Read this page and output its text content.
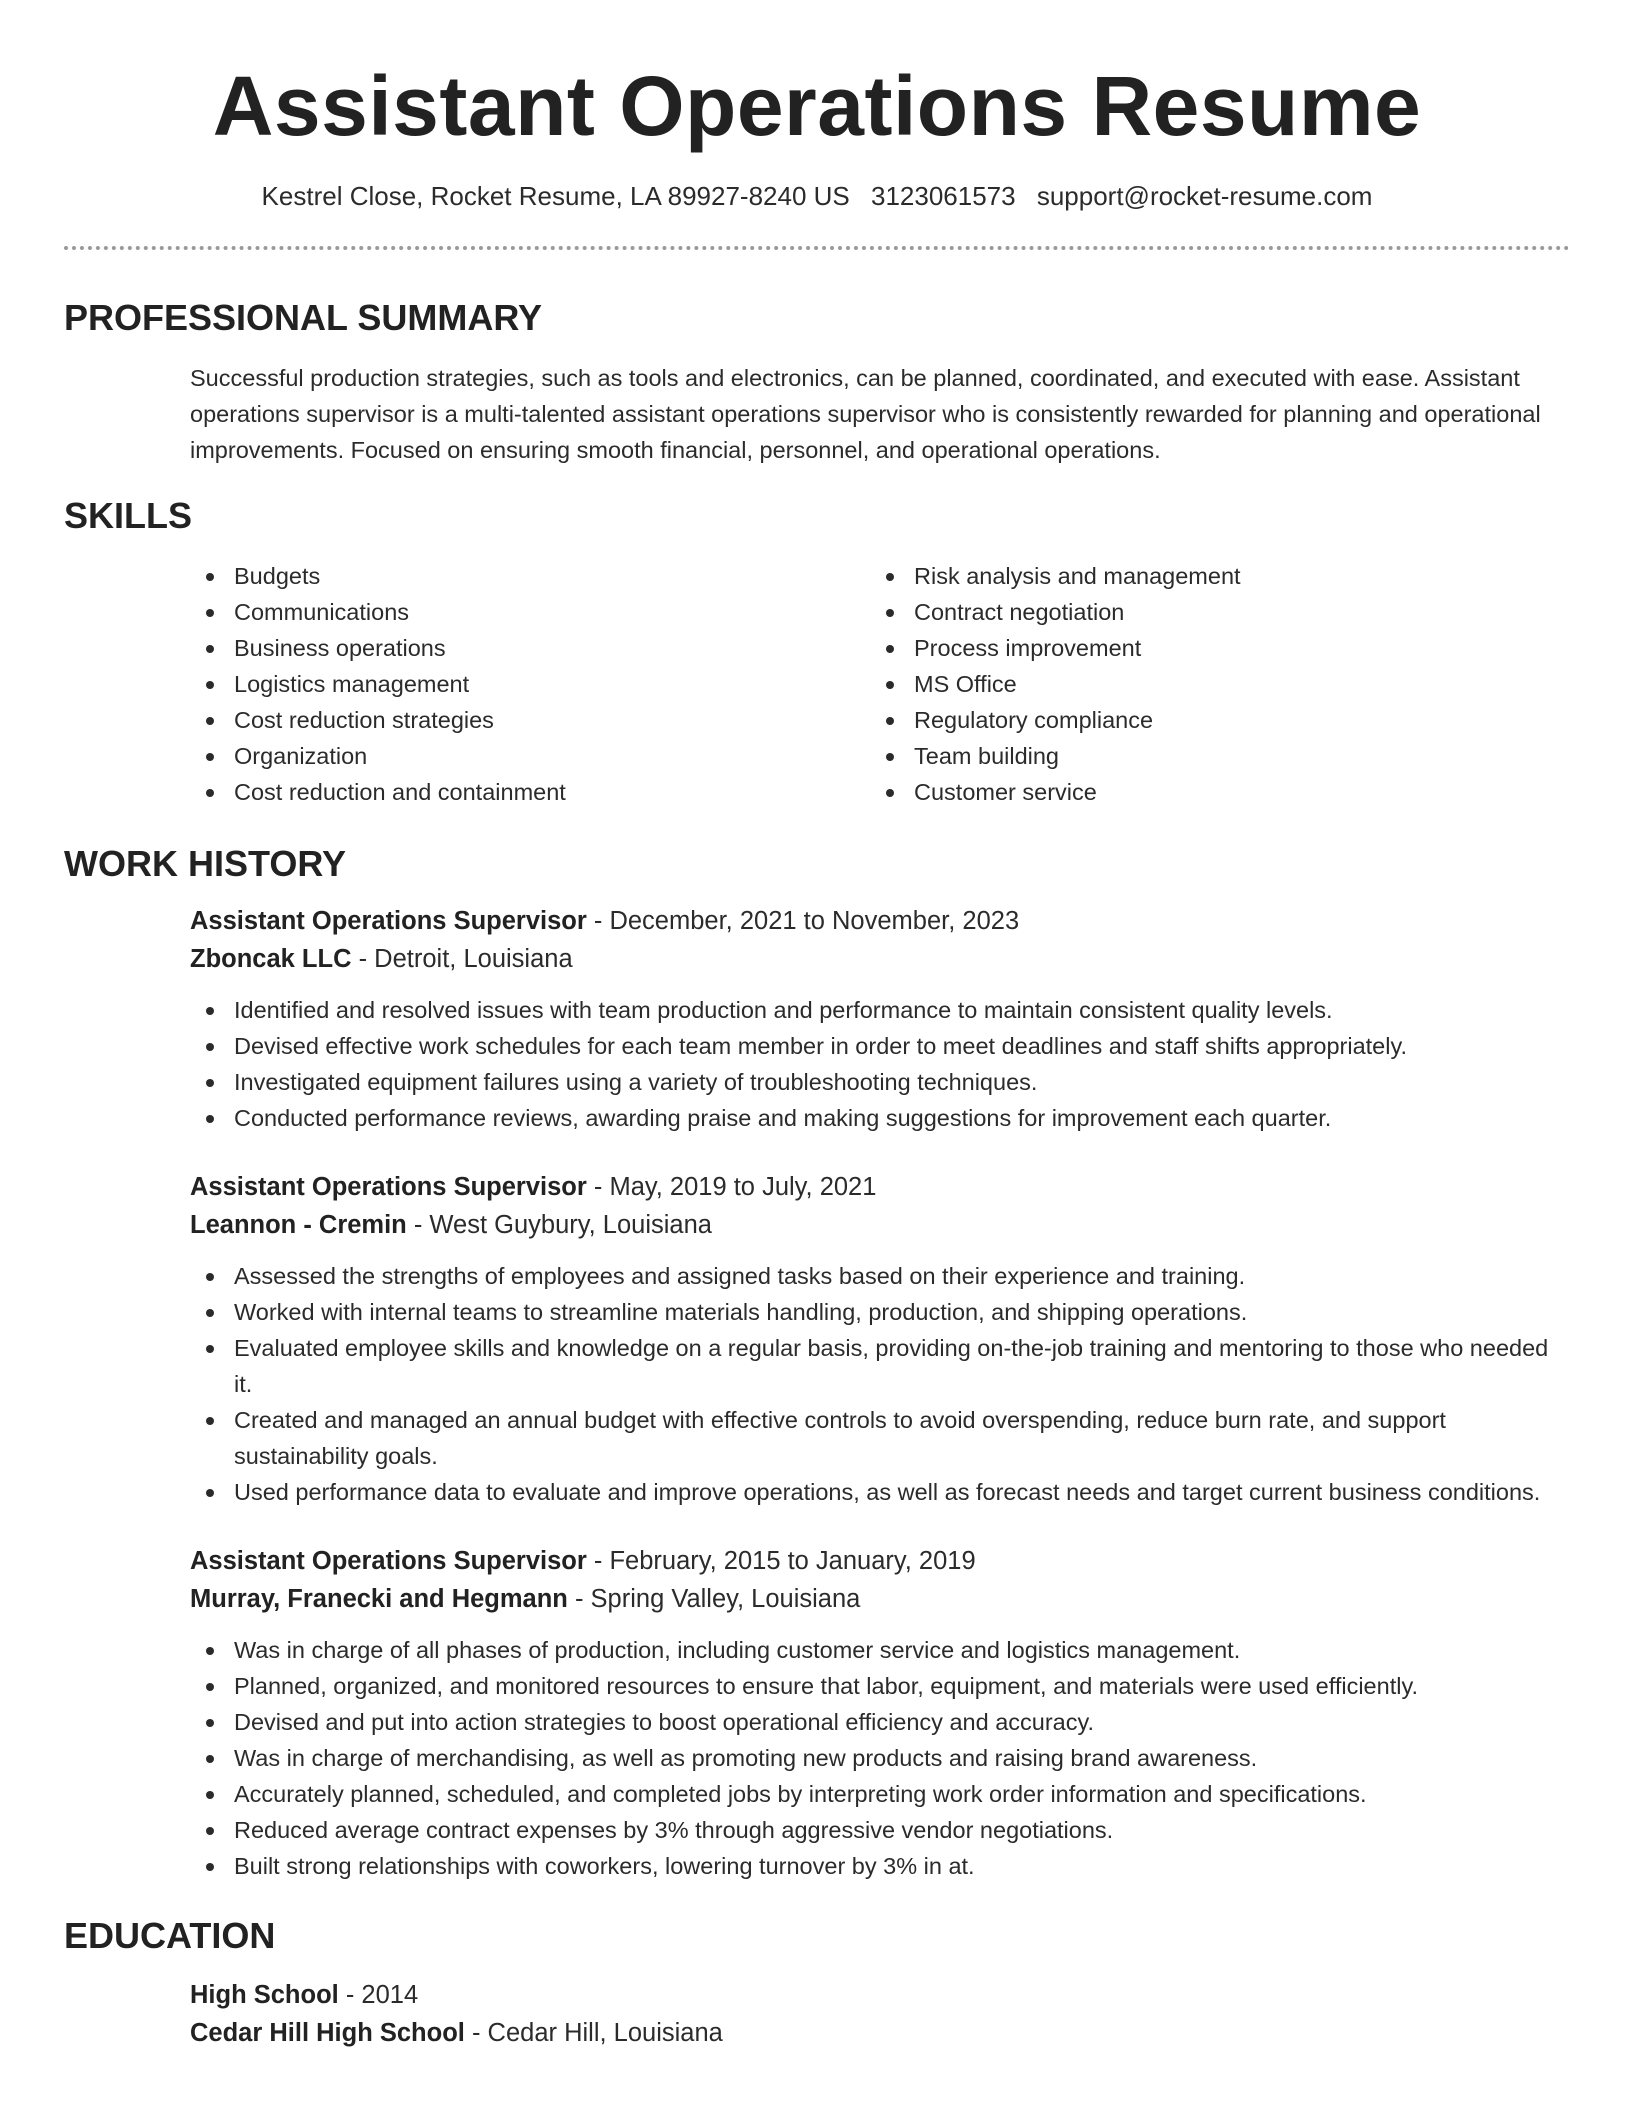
Assistant Operations Resume
Kestrel Close, Rocket Resume, LA 89927-8240 US 3123061573 support@rocket-resume.com
PROFESSIONAL SUMMARY

Successful production strategies, such as tools and electronics, can be planned, coordinated, and executed with ease. Assistant operations supervisor is a multi-talented assistant operations supervisor who is consistently rewarded for planning and operational improvements. Focused on ensuring smooth financial, personnel, and operational operations.

SKILLS
Budgets
Communications
Business operations
Logistics management
Cost reduction strategies
Organization
Cost reduction and containment
Risk analysis and management
Contract negotiation
Process improvement
MS Office
Regulatory compliance
Team building
Customer service
WORK HISTORY
Assistant Operations Supervisor - December, 2021 to November, 2023
Zboncak LLC - Detroit, Louisiana
Identified and resolved issues with team production and performance to maintain consistent quality levels.
Devised effective work schedules for each team member in order to meet deadlines and staff shifts appropriately.
Investigated equipment failures using a variety of troubleshooting techniques.
Conducted performance reviews, awarding praise and making suggestions for improvement each quarter.
Assistant Operations Supervisor - May, 2019 to July, 2021
Leannon - Cremin - West Guybury, Louisiana
Assessed the strengths of employees and assigned tasks based on their experience and training.
Worked with internal teams to streamline materials handling, production, and shipping operations.
Evaluated employee skills and knowledge on a regular basis, providing on-the-job training and mentoring to those who needed it.
Created and managed an annual budget with effective controls to avoid overspending, reduce burn rate, and support sustainability goals.
Used performance data to evaluate and improve operations, as well as forecast needs and target current business conditions.
Assistant Operations Supervisor - February, 2015 to January, 2019
Murray, Franecki and Hegmann - Spring Valley, Louisiana
Was in charge of all phases of production, including customer service and logistics management.
Planned, organized, and monitored resources to ensure that labor, equipment, and materials were used efficiently.
Devised and put into action strategies to boost operational efficiency and accuracy.
Was in charge of merchandising, as well as promoting new products and raising brand awareness.
Accurately planned, scheduled, and completed jobs by interpreting work order information and specifications.
Reduced average contract expenses by 3% through aggressive vendor negotiations.
Built strong relationships with coworkers, lowering turnover by 3% in at.
EDUCATION
High School - 2014
Cedar Hill High School - Cedar Hill, Louisiana
